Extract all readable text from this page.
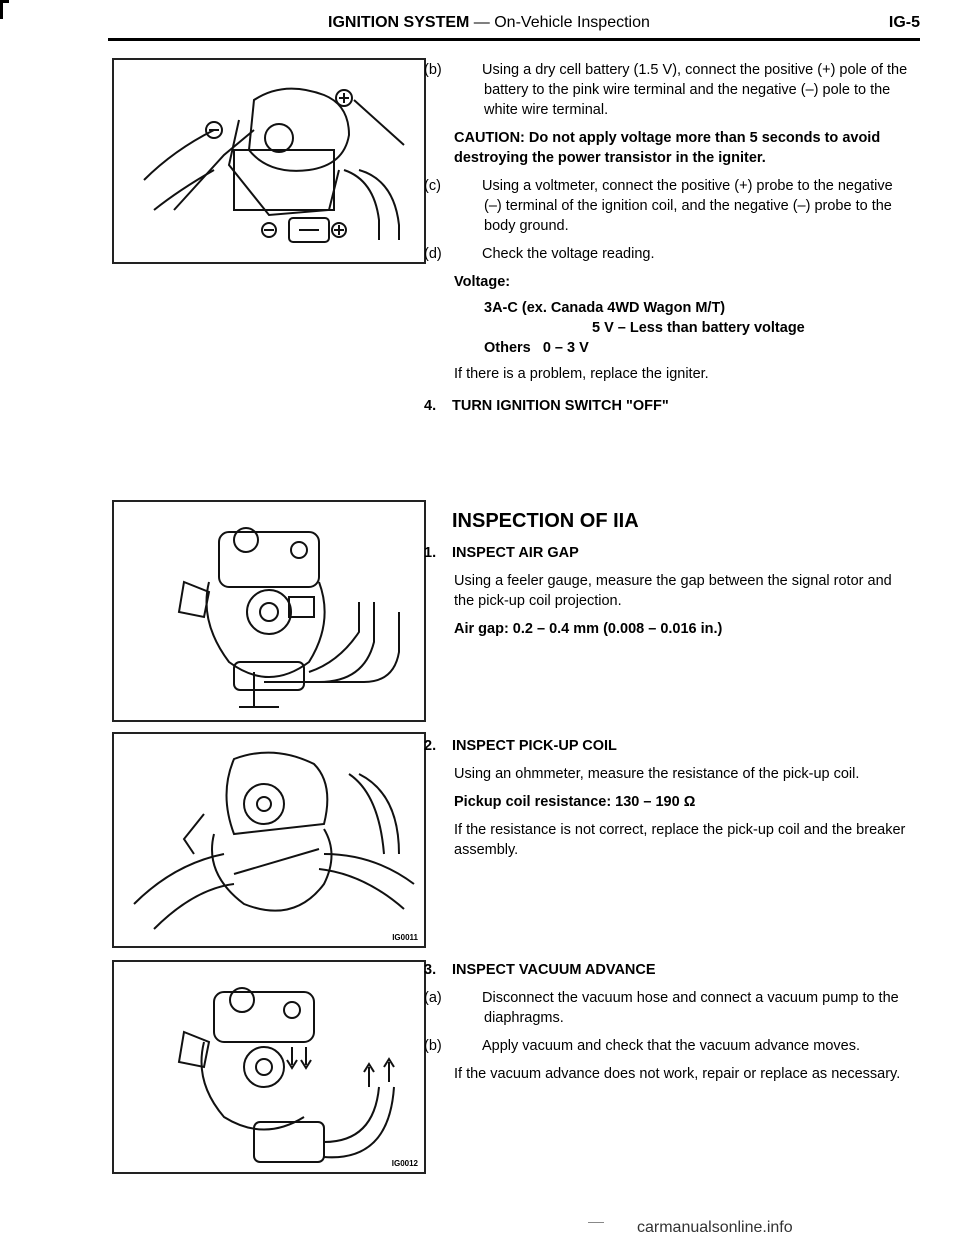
IGNITION SYSTEM — On-Vehicle Inspection	IG-5
IG0011
IG0012

(b)	Using a dry cell battery (1.5 V), connect the positive (+) pole of the battery to the pink wire terminal and the negative (–) pole to the white wire terminal.

CAUTION: Do not apply voltage more than 5 seconds to avoid destroying the power transistor in the igniter.

(c)	Using a voltmeter, connect the positive (+) probe to the negative (–) terminal of the ignition coil, and the negative (–) probe to the body ground.

(d)	Check the voltage reading.

Voltage:

3A-C (ex. Canada 4WD Wagon M/T)

5 V – Less than battery voltage

Others 0 – 3 V

If there is a problem, replace the igniter.

4. TURN IGNITION SWITCH "OFF"
INSPECTION OF IIA

1. INSPECT AIR GAP

Using a feeler gauge, measure the gap between the signal rotor and the pick-up coil projection.

Air gap: 0.2 – 0.4 mm (0.008 – 0.016 in.)

2. INSPECT PICK-UP COIL

Using an ohmmeter, measure the resistance of the pick-up coil.

Pickup coil resistance: 130 – 190 Ω

If the resistance is not correct, replace the pick-up coil and the breaker assembly.

3. INSPECT VACUUM ADVANCE

(a)	Disconnect the vacuum hose and connect a vacuum pump to the diaphragms.

(b)	Apply vacuum and check that the vacuum advance moves.

If the vacuum advance does not work, repair or replace as necessary.

carmanualsonline.info
